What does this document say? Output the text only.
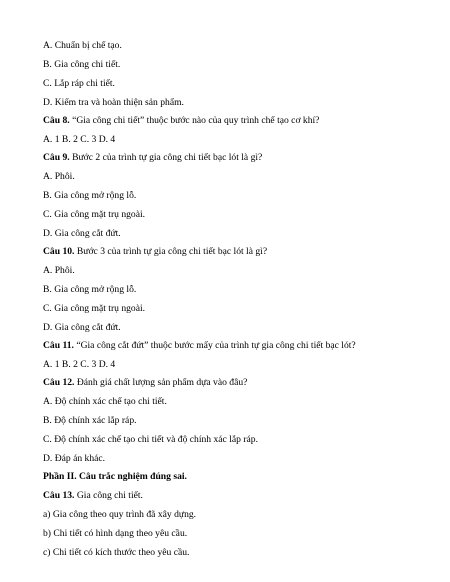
A. Chuẩn bị chế tạo.
B. Gia công chi tiết.
C. Lắp ráp chi tiết.
D. Kiểm tra và hoàn thiện sản phẩm.
Câu 8. “Gia công chi tiết” thuộc bước nào của quy trình chế tạo cơ khí?
A. 1 B. 2 C. 3 D. 4
Câu 9. Bước 2 của trình tự gia công chi tiết bạc lót là gì?
A. Phôi.
B. Gia công mở rộng lỗ.
C. Gia công mặt trụ ngoài.
D. Gia công cắt đứt.
Câu 10. Bước 3 của trình tự gia công chi tiết bạc lót là gì?
A. Phôi.
B. Gia công mở rộng lỗ.
C. Gia công mặt trụ ngoài.
D. Gia công cắt đứt.
Câu 11. “Gia công cắt đứt” thuộc bước mấy của trình tự gia công chi tiết bạc lót?
A. 1 B. 2 C. 3 D. 4
Câu 12. Đánh giá chất lượng sản phẩm dựa vào đâu?
A. Độ chính xác chế tạo chi tiết.
B. Độ chính xác lắp ráp.
C. Độ chính xác chế tạo chi tiết và độ chính xác lắp ráp.
D. Đáp án khác.
Phần II. Câu trắc nghiệm đúng sai.
Câu 13. Gia công chi tiết.
a) Gia công theo quy trình đã xây dựng.
b) Chi tiết có hình dạng theo yêu cầu.
c) Chi tiết có kích thước theo yêu cầu.
